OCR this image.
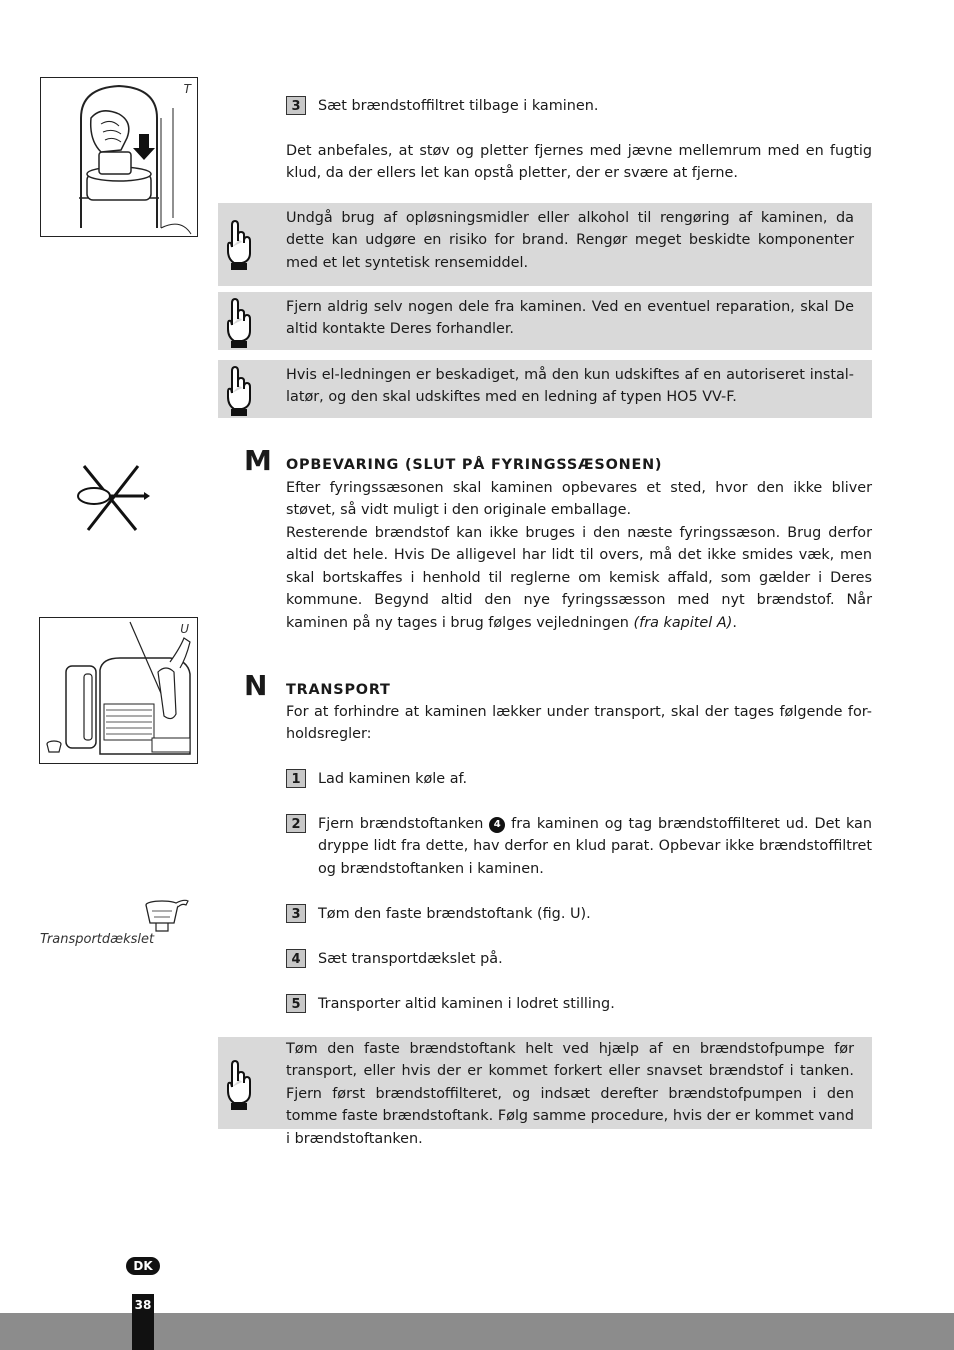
T
3	Sæt brændstoffiltret tilbage i kaminen.
Det anbefales, at støv og pletter fjernes med jævne mellemrum med en fugtig klud, da der ellers let kan opstå pletter, der er svære at fjerne.
Undgå brug af opløsningsmidler eller alkohol til rengøring af kaminen, da dette kan udgøre en risiko for brand. Rengør meget beskidte komponenter med et let syntetisk rensemiddel.
Fjern aldrig selv nogen dele fra kaminen. Ved en eventuel reparation, skal De altid kontakte Deres forhandler.
Hvis el-ledningen er beskadiget, må den kun udskiftes af en autoriseret instal-latør, og den skal udskiftes med en ledning af typen HO5 VV-F.
M OPBEVARING (SLUT PÅ FYRINGSSÆSONEN)
Efter fyringssæsonen skal kaminen opbevares et sted, hvor den ikke bliver støvet, så vidt muligt i den originale emballage.
Resterende brændstof kan ikke bruges i den næste fyringssæson. Brug derfor altid det hele. Hvis De alligevel har lidt til overs, må det ikke smides væk, men skal bortskaffes i henhold til reglerne om kemisk affald, som gælder i Deres kommune. Begynd altid den nye fyringssæsson med nyt brændstof. Når kaminen på ny tages i brug følges vejledningen (fra kapitel A).
U
N TRANSPORT
For at forhindre at kaminen lækker under transport, skal der tages følgende for-holdsregler:
1	Lad kaminen køle af.
2	Fjern brændstoftanken 4 fra kaminen og tag brændstoffilteret ud. Det kan dryppe lidt fra dette, hav derfor en klud parat. Opbevar ikke brændstoffiltret og brændstoftanken i kaminen.
Transportdækslet
3	Tøm den faste brændstoftank (fig. U).
4	Sæt transportdækslet på.
5	Transporter altid kaminen i lodret stilling.
Tøm den faste brændstoftank helt ved hjælp af en brændstofpumpe før transport, eller hvis der er kommet forkert eller snavset brændstof i tanken. Fjern først brændstoffilteret, og indsæt derefter brændstofpumpen i den tomme faste brændstoftank. Følg samme procedure, hvis der er kommet vand i brændstoftanken.
DK
38
